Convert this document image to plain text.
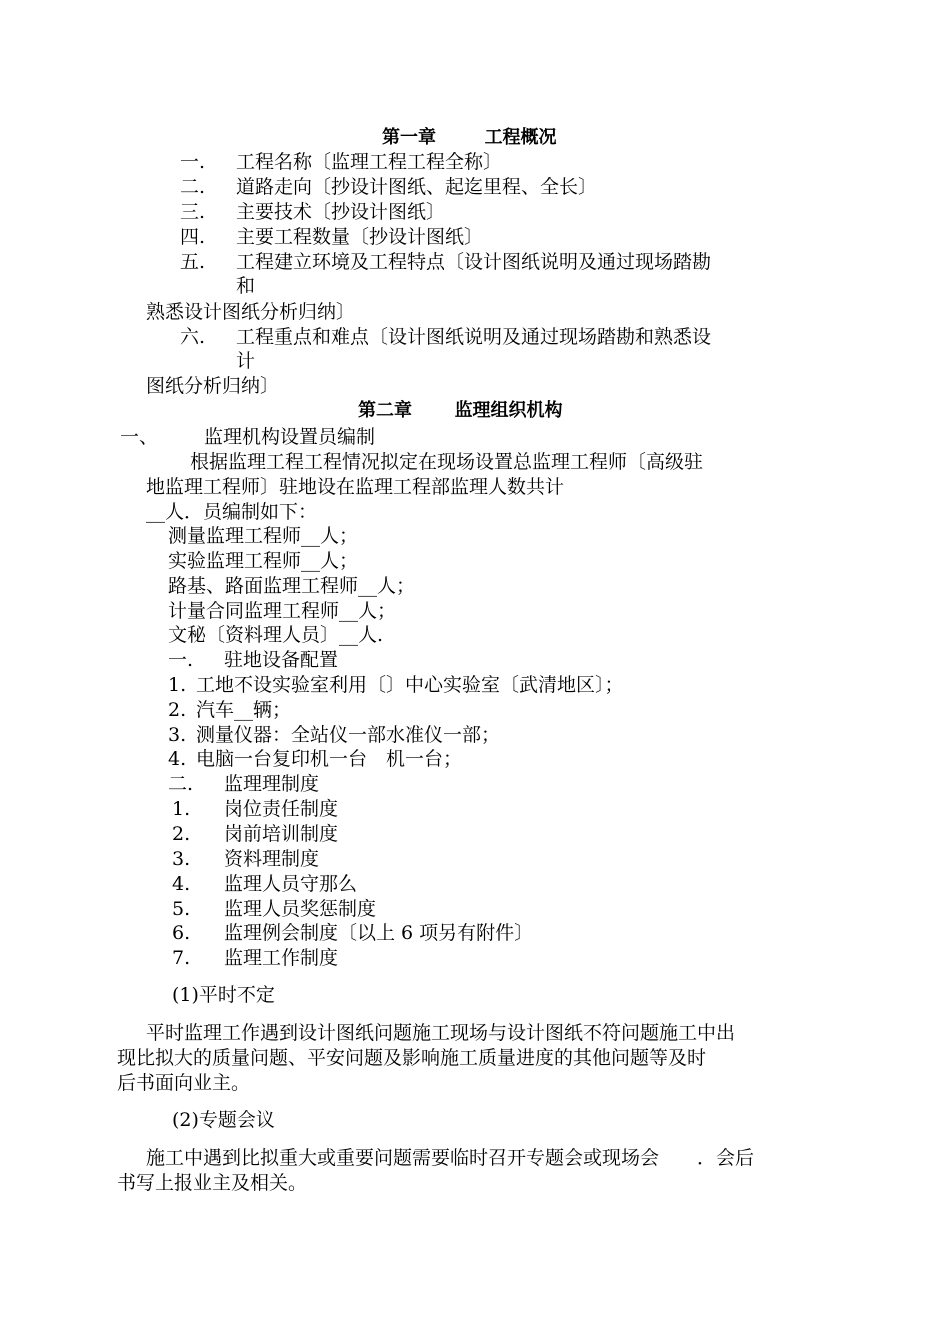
第一章	工程概况
一. 工程名称〔监理工程工程全称〕
二. 道路走向〔抄设计图纸、起迄里程、全长〕
三. 主要技术〔抄设计图纸〕
四. 主要工程数量〔抄设计图纸〕
五. 工程建立环境及工程特点〔设计图纸说明及通过现场踏勘
和
熟悉设计图纸分析归纳〕
六. 工程重点和难点〔设计图纸说明及通过现场踏勘和熟悉设
计
图纸分析归纳〕
第二章 监理组织机构
一、 监理机构设置员编制
根据监理工程工程情况拟定在现场设置总监理工程师〔高级驻
地监理工程师〕驻地设在监理工程部监理人数共计
__人．员编制如下：
测量监理工程师__人；
实验监理工程师__人；
路基、路面监理工程师__人；
计量合同监理工程师__人；
文秘〔资料理人员〕__人.
一. 驻地设备配置
1. 工地不设实验室利用〔〕中心实验室〔武清地区〕；
2. 汽车__辆；
3. 测量仪器：全站仪一部水准仪一部；
4. 电脑一台复印机一台　机一台；
二. 监理理制度
1. 岗位责任制度
2. 岗前培训制度
3. 资料理制度
4. 监理人员守那么
5. 监理人员奖惩制度
6. 监理例会制度〔以上 6 项另有附件〕
7. 监理工作制度
(1)平时不定
平时监理工作遇到设计图纸问题施工现场与设计图纸不符问题施工中出
现比拟大的质量问题、平安问题及影响施工质量进度的其他问题等及时
后书面向业主。
(2)专题会议
施工中遇到比拟重大或重要问题需要临时召开专题会或现场会　　．会后
书写上报业主及相关。
